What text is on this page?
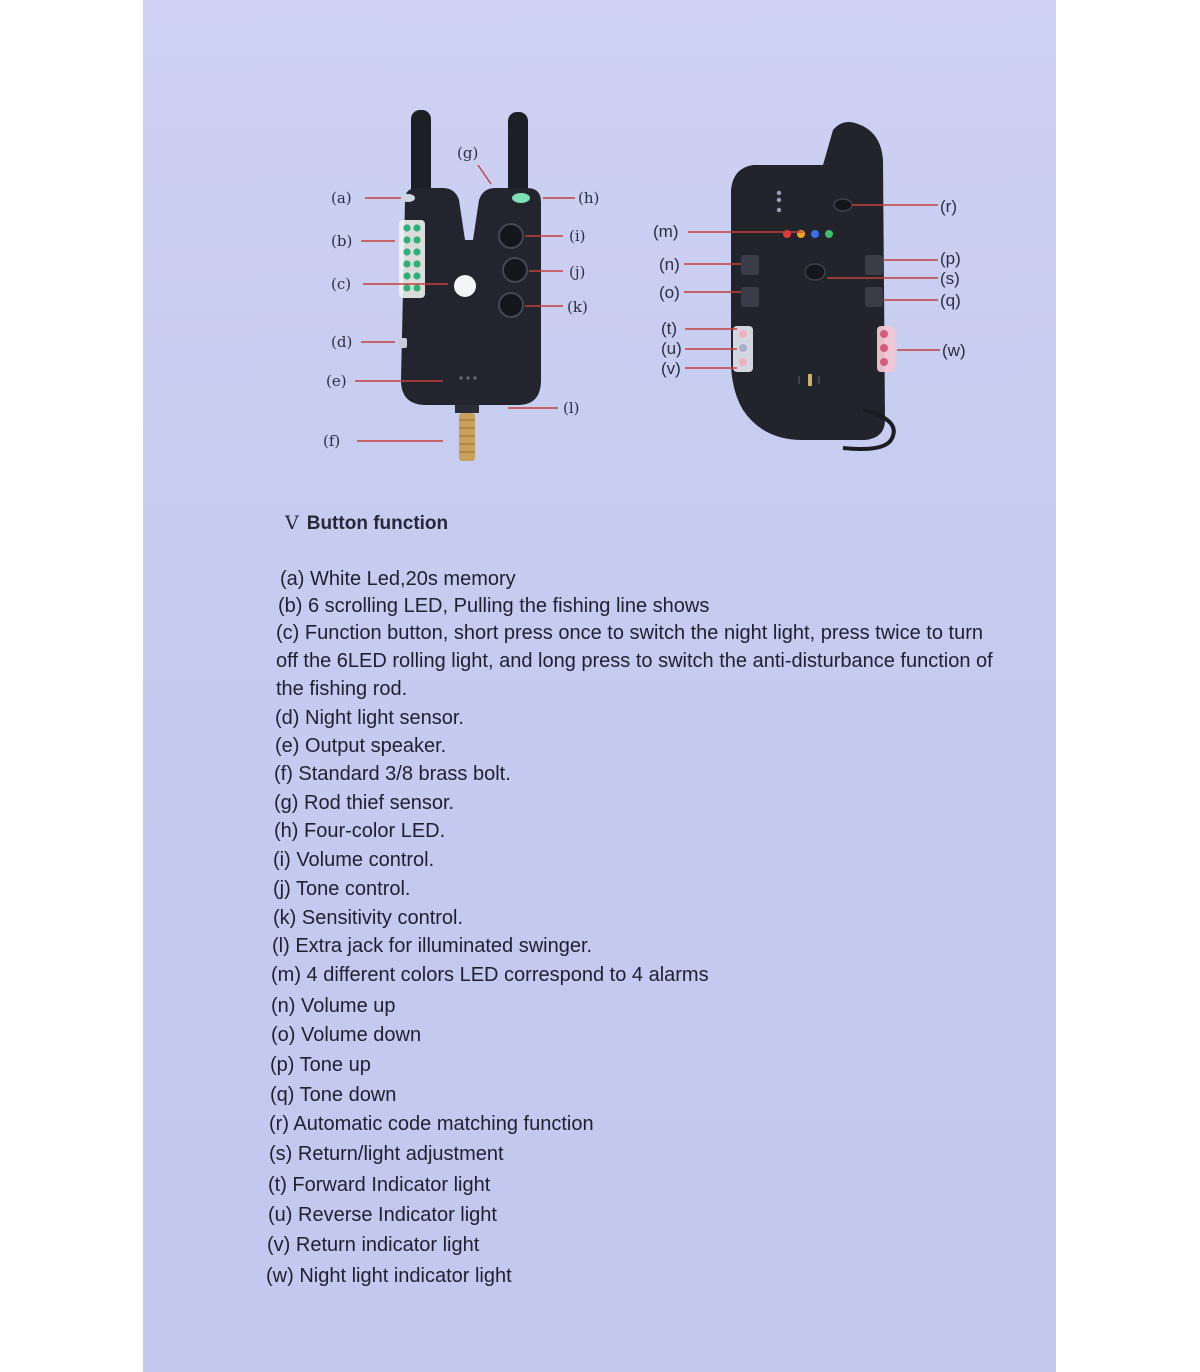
(a)
(b)
(c)
(d)
(e)
(f)
(g)
(h)
(i)
(j)
(k)
(l)
(m)
(n)
(o)
(t)
(u)
(v)
(r)
(p)
(s)
(q)
(w)
V Button function
(a) White Led,20s memory
(b) 6 scrolling LED, Pulling the fishing line shows
(c) Function button, short press once to switch the night light, press twice to turn off the 6LED rolling light, and long press to switch the anti-disturbance function of the fishing rod.
(d) Night light sensor.
(e) Output speaker.
(f) Standard 3/8 brass bolt.
(g) Rod thief sensor.
(h) Four-color LED.
(i) Volume control.
(j) Tone control.
(k) Sensitivity control.
(l) Extra jack for illuminated swinger.
(m) 4 different colors LED correspond to 4 alarms
(n) Volume up
(o) Volume down
(p) Tone up
(q) Tone down
(r) Automatic code matching function
(s) Return/light adjustment
(t) Forward Indicator light
(u) Reverse Indicator light
(v) Return indicator light
(w) Night light indicator light
